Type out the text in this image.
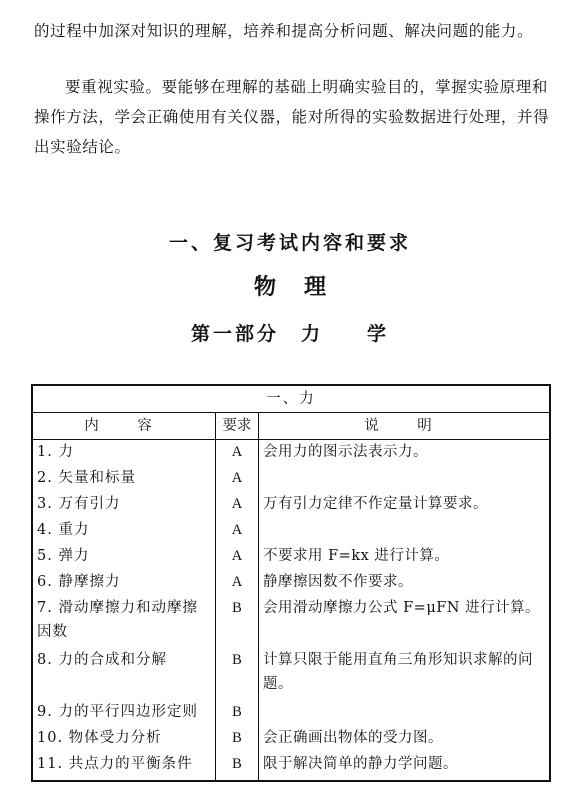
的过程中加深对知识的理解，培养和提高分析问题、解决问题的能力。

要重视实验。要能够在理解的基础上明确实验目的，掌握实验原理和操作方法，学会正确使用有关仪器，能对所得的实验数据进行处理，并得出实验结论。

一、复习考试内容和要求
物理
第一部分　力　　学
一、力		
内　容	要求	说　明
1. 力	A	会用力的图示法表示力。
2. 矢量和标量	A	
3. 万有引力	A	万有引力定律不作定量计算要求。
4. 重力	A	
5. 弹力	A	不要求用 F=kx 进行计算。
6. 静摩擦力	A	静摩擦因数不作要求。
7. 滑动摩擦力和动摩擦因数	B	会用滑动摩擦力公式 F=μFN 进行计算。
8. 力的合成和分解	B	计算只限于能用直角三角形知识求解的问题。
9. 力的平行四边形定则	B	
10. 物体受力分析	B	会正确画出物体的受力图。
11. 共点力的平衡条件	B	限于解决简单的静力学问题。
